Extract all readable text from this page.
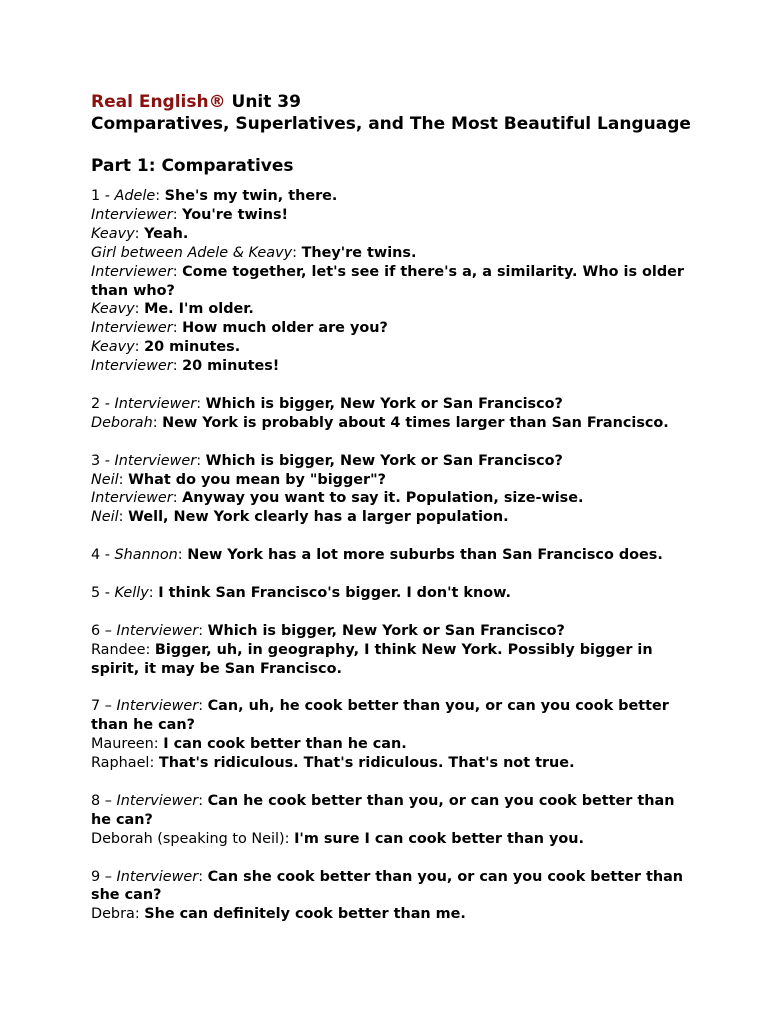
Real English® Unit 39
Comparatives, Superlatives, and The Most Beautiful Language
Part 1: Comparatives
1 - Adele: She's my twin, there.
Interviewer: You're twins!
Keavy: Yeah.
Girl between Adele & Keavy: They're twins.
Interviewer: Come together, let's see if there's a, a similarity. Who is older than who?
Keavy: Me. I'm older.
Interviewer: How much older are you?
Keavy: 20 minutes.
Interviewer: 20 minutes!
2 - Interviewer: Which is bigger, New York or San Francisco?
Deborah: New York is probably about 4 times larger than San Francisco.
3 - Interviewer: Which is bigger, New York or San Francisco?
Neil: What do you mean by "bigger"?
Interviewer: Anyway you want to say it. Population, size-wise.
Neil: Well, New York clearly has a larger population.
4 - Shannon: New York has a lot more suburbs than San Francisco does.
5 - Kelly: I think San Francisco's bigger. I don't know.
6 – Interviewer: Which is bigger, New York or San Francisco?
Randee: Bigger, uh, in geography, I think New York. Possibly bigger in spirit, it may be San Francisco.
7 – Interviewer: Can, uh, he cook better than you, or can you cook better than he can?
Maureen: I can cook better than he can.
Raphael: That's ridiculous. That's ridiculous. That's not true.
8 – Interviewer: Can he cook better than you, or can you cook better than he can?
Deborah (speaking to Neil): I'm sure I can cook better than you.
9 – Interviewer: Can she cook better than you, or can you cook better than she can?
Debra: She can definitely cook better than me.
